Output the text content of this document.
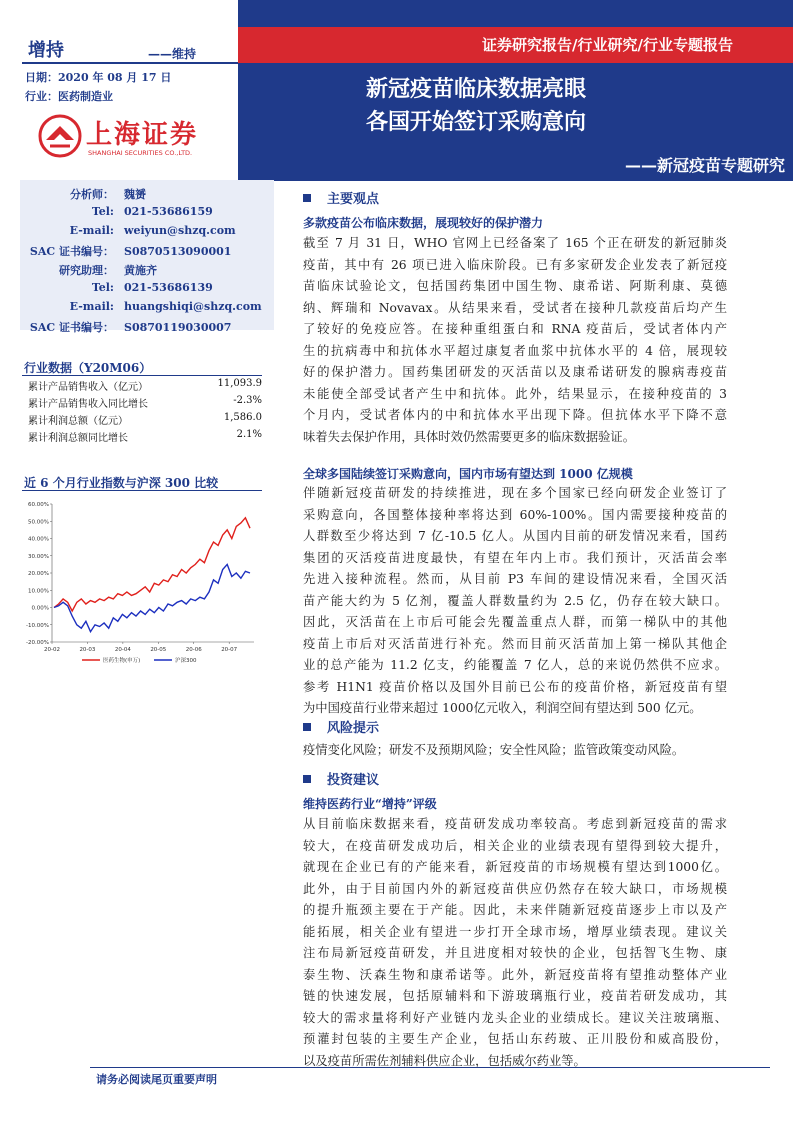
证券研究报告/行业研究/行业专题报告
新冠疫苗临床数据亮眼
各国开始签订采购意向
——新冠疫苗专题研究
增持	——维持
日期：2020 年 08 月 17 日
行业：医药制造业
上海证券
SHANGHAI SECURITIES CO.,LTD.
分析师： 魏赟
Tel: 021-53686159
E-mail: weiyun@shzq.com
SAC 证书编号： S0870513090001
研究助理： 黄施齐
Tel: 021-53686139
E-mail: huangshiqi@shzq.com
SAC 证书编号： S0870119030007
行业数据（Y20M06）
累计产品销售收入（亿元）	11,093.9
累计产品销售收入同比增长	-2.3%
累计利润总额（亿元）	1,586.0
累计利润总额同比增长	2.1%
近 6 个月行业指数与沪深 300 比较
60.00%
50.00%
40.00%
30.00%
20.00%
10.00%
0.00%
-10.00%
-20.00%
20-02	20-03	20-04	20-05	20-06	20-07
医药生物(申万)	沪深300
主要观点
多款疫苗公布临床数据，展现较好的保护潜力
截至 7 月 31 日，WHO 官网上已经备案了 165 个正在研发的新冠肺炎
疫苗，其中有 26 项已进入临床阶段。已有多家研发企业发表了新冠疫
苗临床试验论文，包括国药集团中国生物、康希诺、阿斯利康、莫德
纳、辉瑞和 Novavax。从结果来看，受试者在接种几款疫苗后均产生
了较好的免疫应答。在接种重组蛋白和 RNA 疫苗后，受试者体内产
生的抗病毒中和抗体水平超过康复者血浆中抗体水平的 4 倍，展现较
好的保护潜力。国药集团研发的灭活苗以及康希诺研发的腺病毒疫苗
未能使全部受试者产生中和抗体。此外，结果显示，在接种疫苗的 3
个月内，受试者体内的中和抗体水平出现下降。但抗体水平下降不意
味着失去保护作用，具体时效仍然需要更多的临床数据验证。
全球多国陆续签订采购意向，国内市场有望达到 1000 亿规模
伴随新冠疫苗研发的持续推进，现在多个国家已经向研发企业签订了
采购意向，各国整体接种率将达到 60%-100%。国内需要接种疫苗的
人群数至少将达到 7 亿-10.5 亿人。从国内目前的研发情况来看，国药
集团的灭活疫苗进度最快，有望在年内上市。我们预计，灭活苗会率
先进入接种流程。然而，从目前 P3 车间的建设情况来看，全国灭活
苗产能大约为 5 亿剂，覆盖人群数量约为 2.5 亿，仍存在较大缺口。
因此，灭活苗在上市后可能会先覆盖重点人群，而第一梯队中的其他
疫苗上市后对灭活苗进行补充。然而目前灭活苗加上第一梯队其他企
业的总产能为 11.2 亿支，约能覆盖 7 亿人，总的来说仍然供不应求。
参考 H1N1 疫苗价格以及国外目前已公布的疫苗价格，新冠疫苗有望
为中国疫苗行业带来超过 1000亿元收入，利润空间有望达到 500 亿元。
风险提示
疫情变化风险；研发不及预期风险；安全性风险；监管政策变动风险。
投资建议
维持医药行业“增持”评级
从目前临床数据来看，疫苗研发成功率较高。考虑到新冠疫苗的需求
较大，在疫苗研发成功后，相关企业的业绩表现有望得到较大提升，
就现在企业已有的产能来看，新冠疫苗的市场规模有望达到1000亿。
此外，由于目前国内外的新冠疫苗供应仍然存在较大缺口，市场规模
的提升瓶颈主要在于产能。因此，未来伴随新冠疫苗逐步上市以及产
能拓展，相关企业有望进一步打开全球市场，增厚业绩表现。建议关
注布局新冠疫苗研发，并且进度相对较快的企业，包括智飞生物、康
泰生物、沃森生物和康希诺等。此外，新冠疫苗将有望推动整体产业
链的快速发展，包括原辅料和下游玻璃瓶行业，疫苗若研发成功，其
较大的需求量将利好产业链内龙头企业的业绩成长。建议关注玻璃瓶、
预灌封包装的主要生产企业，包括山东药玻、正川股份和威高股份，
以及疫苗所需佐剂辅料供应企业，包括威尔药业等。
请务必阅读尾页重要声明
